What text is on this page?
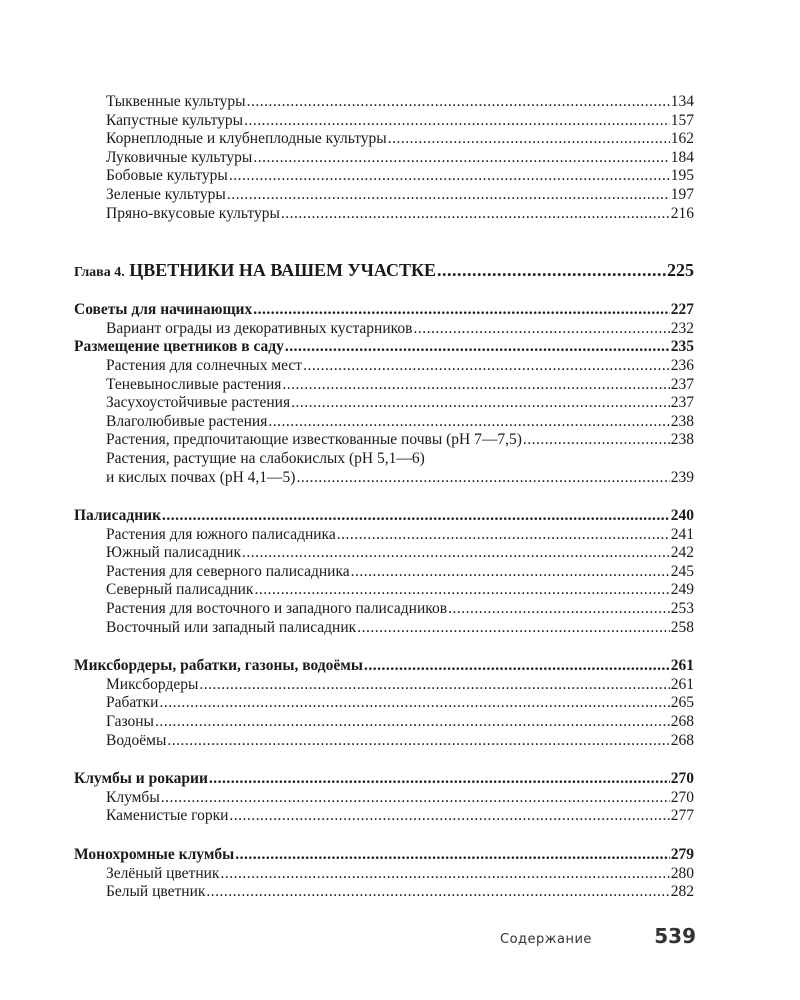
Тыквенные культуры .....	134
Капустные культуры .....	157
Корнеплодные и клубнеплодные культуры .....	162
Луковичные культуры .....	184
Бобовые культуры .....	195
Зеленые культуры .....	197
Пряно-вкусовые культуры .....	216
Глава 4. ЦВЕТНИКИ НА ВАШЕМ УЧАСТКЕ .....	225
Советы для начинающих .....	227
Вариант ограды из декоративных кустарников .....	232
Размещение цветников в саду .....	235
Растения для солнечных мест .....	236
Теневыносливые растения .....	237
Засухоустойчивые растения .....	237
Влаголюбивые растения .....	238
Растения, предпочитающие известкованные почвы (рН 7—7,5) .....	238
Растения, растущие на слабокислых (рН 5,1—6)
и кислых почвах (рН 4,1—5) .....	239
Палисадник .....	240
Растения для южного палисадника .....	241
Южный палисадник .....	242
Растения для северного палисадника .....	245
Северный палисадник .....	249
Растения для восточного и западного палисадников .....	253
Восточный или западный палисадник .....	258
Миксбордеры, рабатки, газоны, водоёмы .....	261
Миксбордеры .....	261
Рабатки .....	265
Газоны .....	268
Водоёмы .....	268
Клумбы и рокарии .....	270
Клумбы .....	270
Каменистые горки .....	277
Монохромные клумбы .....	279
Зелёный цветник .....	280
Белый цветник .....	282
Содержание	539
